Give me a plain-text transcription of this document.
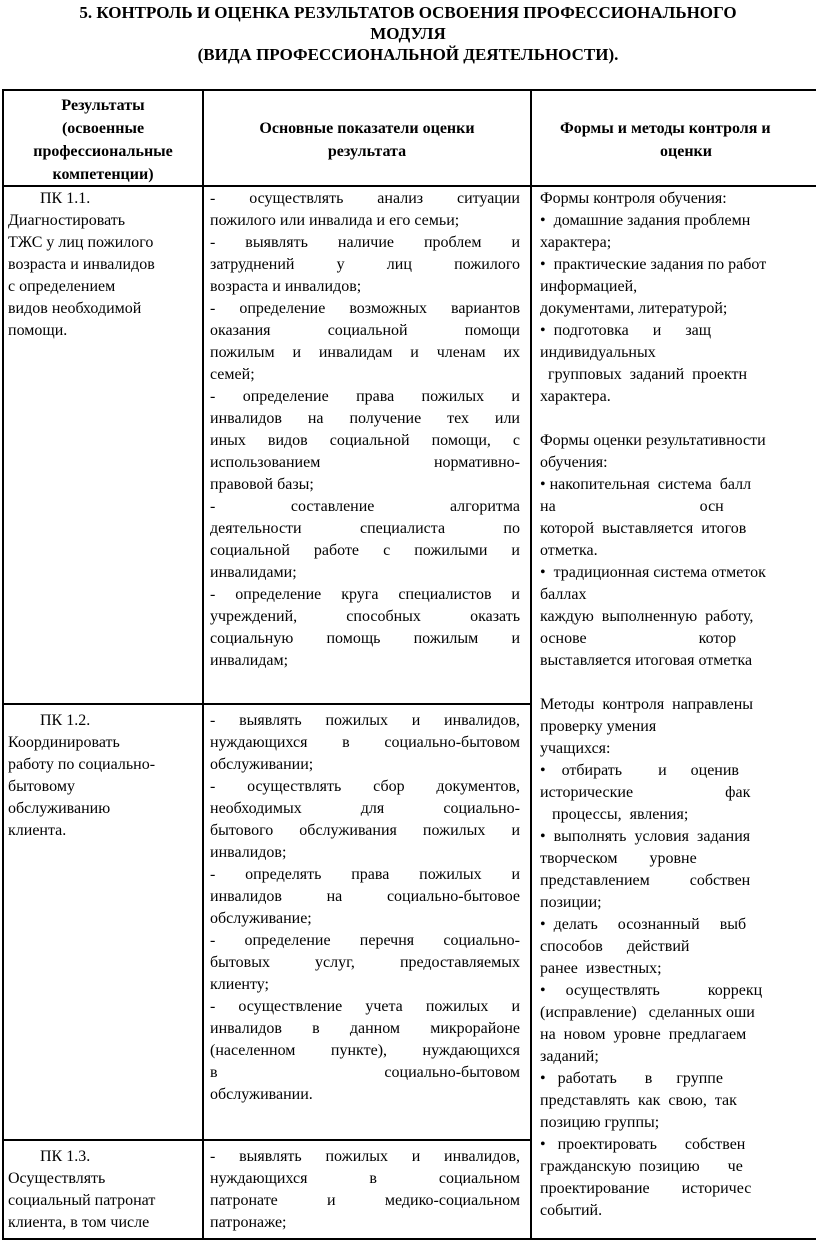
5. КОНТРОЛЬ И ОЦЕНКА РЕЗУЛЬТАТОВ ОСВОЕНИЯ ПРОФЕССИОНАЛЬНОГО
МОДУЛЯ
(ВИДА ПРОФЕССИОНАЛЬНОЙ ДЕЯТЕЛЬНОСТИ).
Результаты
(освоенные
профессиональные
компетенции)
Основные показатели оценки
результата
Формы и методы контроля и
оценки
ПК 1.1.
Диагностировать
ТЖС у лиц пожилого
возраста и инвалидов
с определением
видов необходимой
помощи.
- осуществлять анализ ситуации
пожилого или инвалида и его семьи;
- выявлять наличие проблем и
затруднений у лиц пожилого
возраста и инвалидов;
- определение возможных вариантов
оказания социальной помощи
пожилым и инвалидам и членам их
семей;
- определение права пожилых и
инвалидов на получение тех или
иных видов социальной помощи, с
использованием нормативно-
правовой базы;
- составление алгоритма
деятельности специалиста по
социальной работе с пожилыми и
инвалидами;
- определение круга специалистов и
учреждений, способных оказать
социальную помощь пожилым и
инвалидам;
ПК 1.2.
Координировать
работу по социально-
бытовому
обслуживанию
клиента.
- выявлять пожилых и инвалидов,
нуждающихся в социально-бытовом
обслуживании;
- осуществлять сбор документов,
необходимых для социально-
бытового обслуживания пожилых и
инвалидов;
- определять права пожилых и
инвалидов на социально-бытовое
обслуживание;
- определение перечня социально-
бытовых услуг, предоставляемых
клиенту;
- осуществление учета пожилых и
инвалидов в данном микрорайоне
(населенном пункте), нуждающихся
в социально-бытовом
обслуживании.
ПК 1.3.
Осуществлять
социальный патронат
клиента, в том числе
- выявлять пожилых и инвалидов,
нуждающихся в социальном
патронате и медико-социальном
патронаже;
Формы контроля обучения:
•  домашние задания проблемн
характера;
•  практические задания по работ
информацией,
документами, литературой;
•  подготовка      и      защ
индивидуальных
групповых  заданий  проектн
характера.
Формы оценки результативности
обучения:
• накопительная  система  балл
на                                    осн
которой  выставляется  итогов
отметка.
•  традиционная система отметок
баллах
каждую  выполненную  работу,
основе                            котор
выставляется итоговая отметка
Методы  контроля  направлены
проверку умения
учащихся:
•    отбирать         и      оценив
исторические                       фак
процессы,  явления;
•  выполнять  условия  задания
творческом        уровне
представлением          собствен
позиции;
•  делать     осознанный     выб
способов      действий
ранее  известных;
•     осуществлять            коррекц
(исправление)   сделанных оши
на  новом  уровне  предлагаем
заданий;
•   работать       в      группе
представлять  как  свою,  так
позицию группы;
•   проектировать       собствен
гражданскую  позицию       че
проектирование        историчес
событий.
